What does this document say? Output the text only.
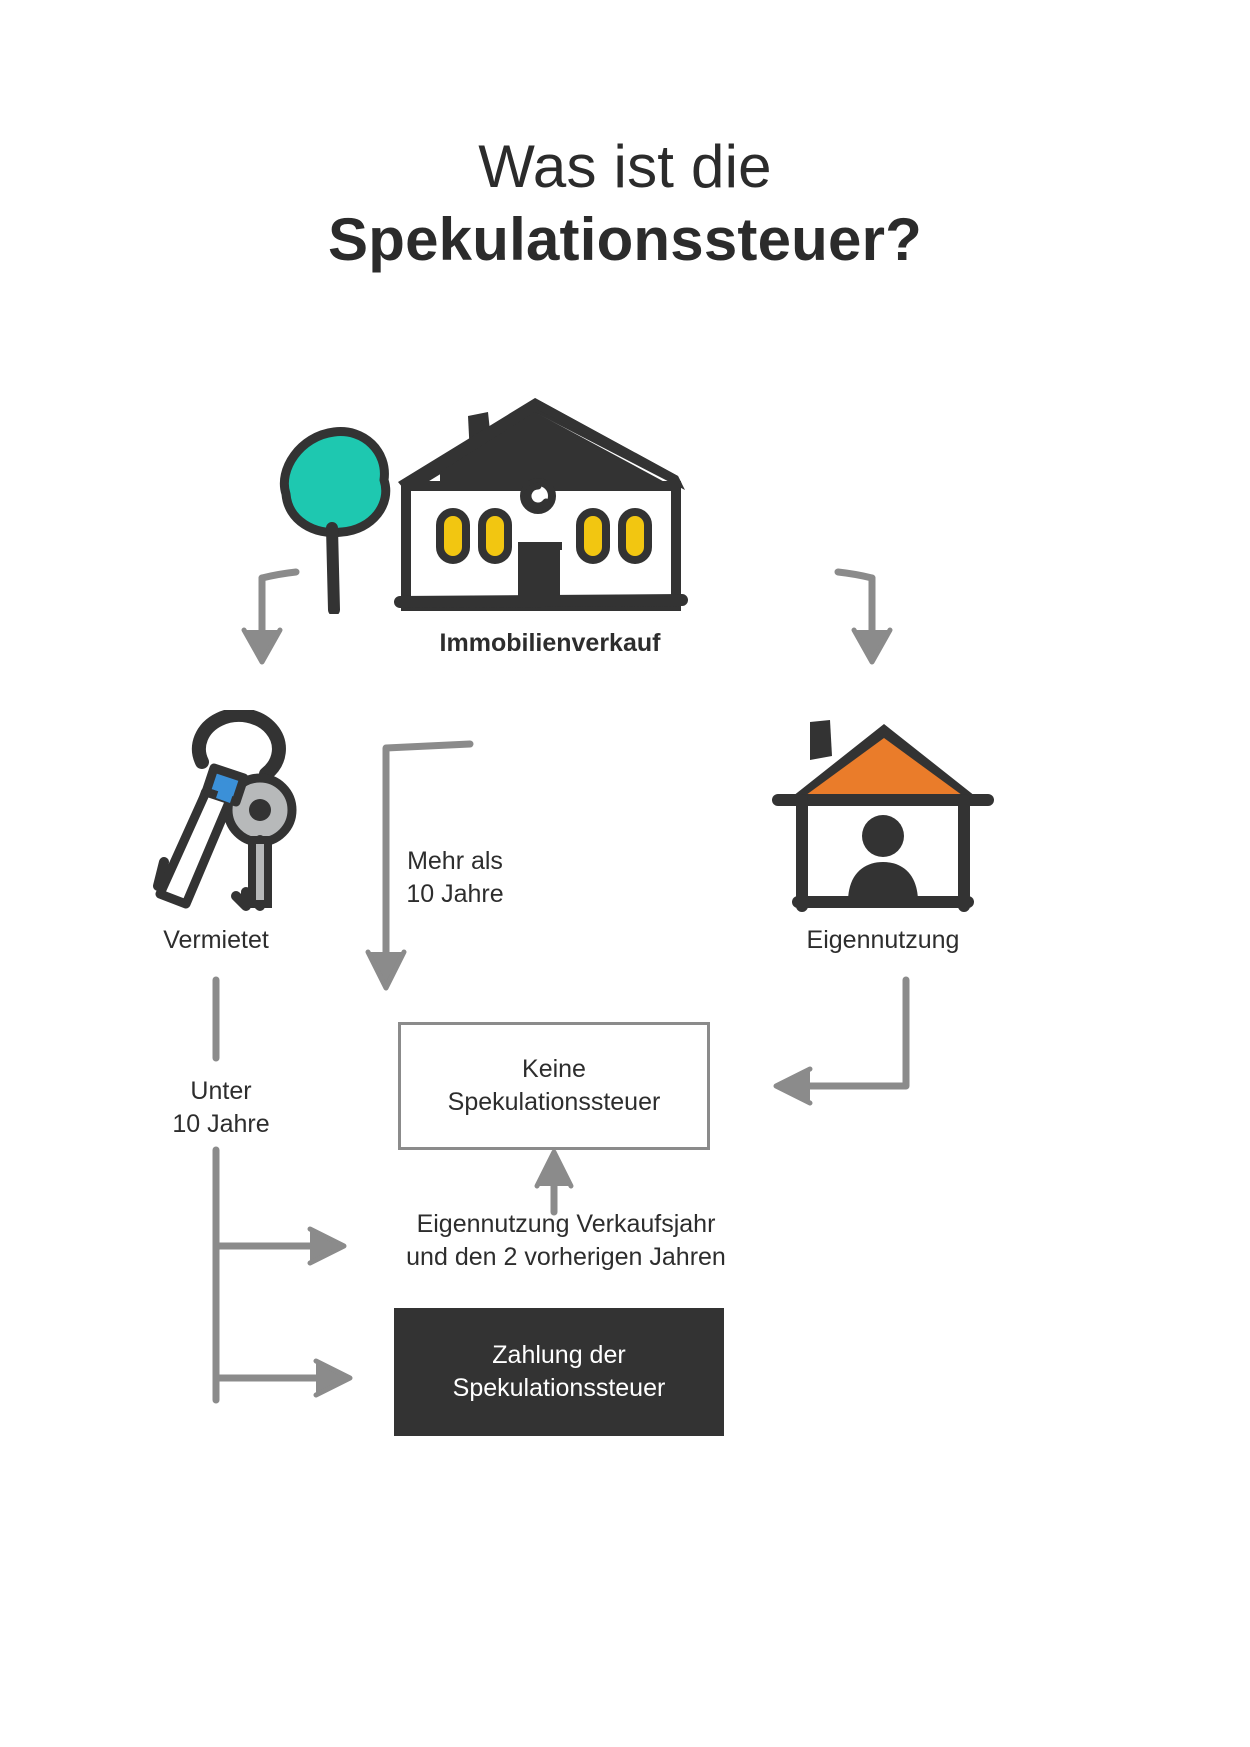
Was ist die
Spekulationssteuer?
Immobilienverkauf
Vermietet	Eigennutzung
Mehr als
10 Jahre
Unter
10 Jahre
Eigennutzung Verkaufsjahr
und den 2 vorherigen Jahren
Keine
Spekulationssteuer
Zahlung der
Spekulationssteuer
